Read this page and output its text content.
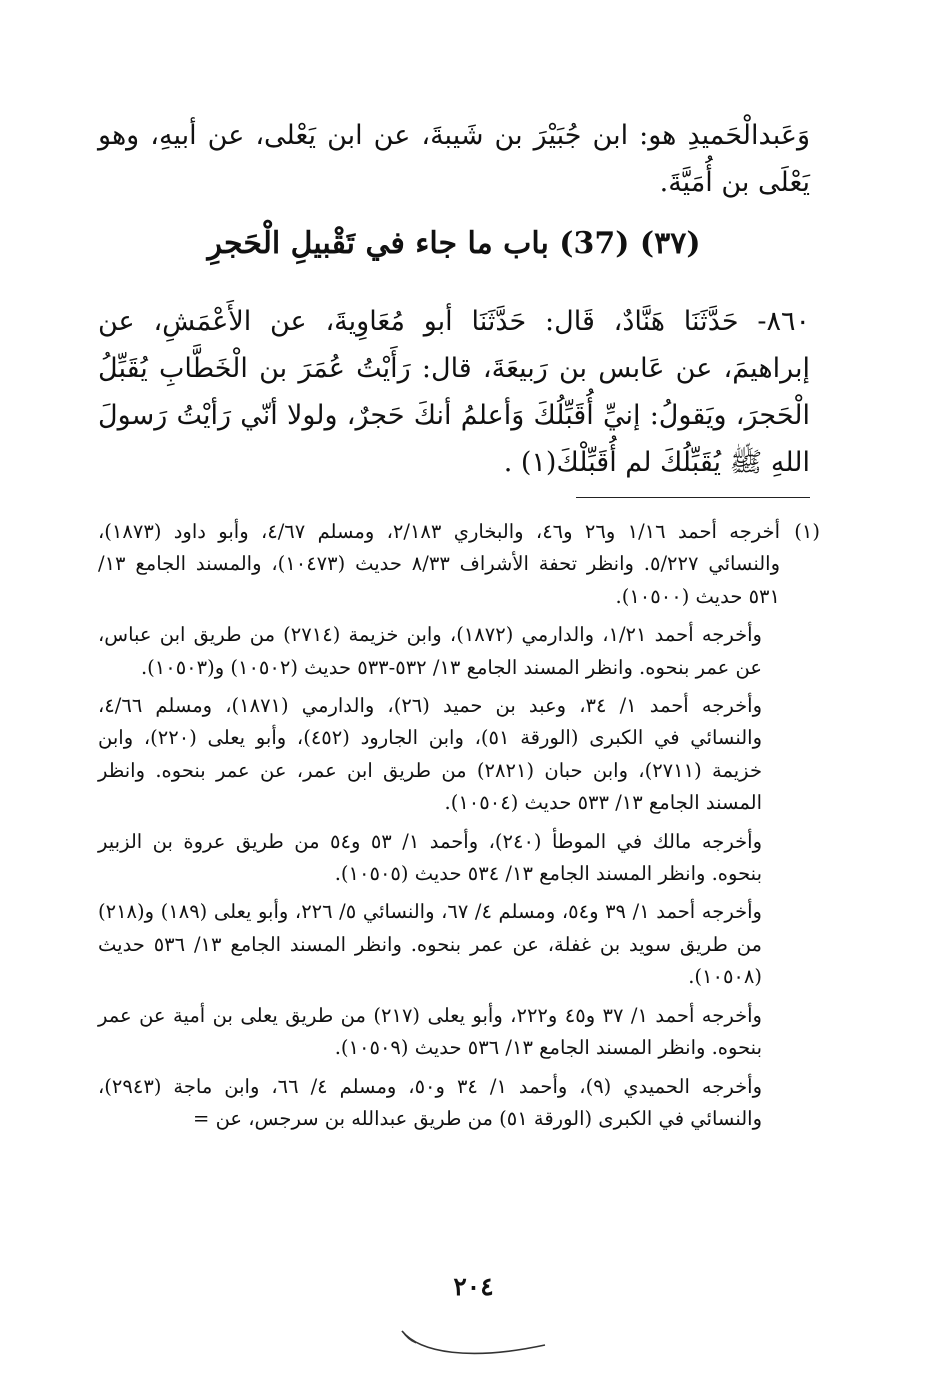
وَعَبدالْحَميدِ هو: ابن جُبَيْرَ بن شَيبةَ، عن ابن يَعْلى، عن أبيهِ، وهو يَعْلَى بن أُمَيَّةَ.
(٣٧) (37) باب ما جاء في تَقْبيلِ الْحَجرِ
٨٦٠- حَدَّثَنَا هَنَّادٌ، قَال: حَدَّثَنَا أبو مُعَاوِيةَ، عن الأَعْمَشِ، عن إبراهيمَ، عن عَابس بن رَبيعَةَ، قال: رَأَيْتُ عُمَرَ بن الْخَطَّابِ يُقَبِّلُ الْحَجرَ، ويَقولُ: إنيِّ أُقَبِّلُكَ وَأعلمُ أنكَ حَجرٌ، ولولا أنّي رَأيْتُ رَسولَ اللهِ ﷺ يُقَبِّلُكَ لم أُقَبِّلْكَ(١) .

(١)
أخرجه أحمد ١/١٦ و٢٦ و٤٦، والبخاري ٢/١٨٣، ومسلم ٤/٦٧، وأبو داود (١٨٧٣)، والنسائي ٥/٢٢٧. وانظر تحفة الأشراف ٨/٣٣ حديث (١٠٤٧٣)، والمسند الجامع ١٣/ ٥٣١ حديث (١٠٥٠٠).

وأخرجه أحمد ١/٢١، والدارمي (١٨٧٢)، وابن خزيمة (٢٧١٤) من طريق ابن عباس، عن عمر بنحوه. وانظر المسند الجامع ١٣/ ٥٣٢-٥٣٣ حديث (١٠٥٠٢) و(١٠٥٠٣).

وأخرجه أحمد ١/ ٣٤، وعبد بن حميد (٢٦)، والدارمي (١٨٧١)، ومسلم ٤/٦٦، والنسائي في الكبرى (الورقة ٥١)، وابن الجارود (٤٥٢)، وأبو يعلى (٢٢٠)، وابن خزيمة (٢٧١١)، وابن حبان (٢٨٢١) من طريق ابن عمر، عن عمر بنحوه. وانظر المسند الجامع ١٣/ ٥٣٣ حديث (١٠٥٠٤).

وأخرجه مالك في الموطأ (٢٤٠)، وأحمد ١/ ٥٣ و٥٤ من طريق عروة بن الزبير بنحوه. وانظر المسند الجامع ١٣/ ٥٣٤ حديث (١٠٥٠٥).

وأخرجه أحمد ١/ ٣٩ و٥٤، ومسلم ٤/ ٦٧، والنسائي ٥/ ٢٢٦، وأبو يعلى (١٨٩) و(٢١٨) من طريق سويد بن غفلة، عن عمر بنحوه. وانظر المسند الجامع ١٣/ ٥٣٦ حديث (١٠٥٠٨).

وأخرجه أحمد ١/ ٣٧ و٤٥ و٢٢٢، وأبو يعلى (٢١٧) من طريق يعلى بن أمية عن عمر بنحوه. وانظر المسند الجامع ١٣/ ٥٣٦ حديث (١٠٥٠٩).

وأخرجه الحميدي (٩)، وأحمد ١/ ٣٤ و٥٠، ومسلم ٤/ ٦٦، وابن ماجة (٢٩٤٣)، والنسائي في الكبرى (الورقة ٥١) من طريق عبدالله بن سرجس، عن =

٢٠٤
